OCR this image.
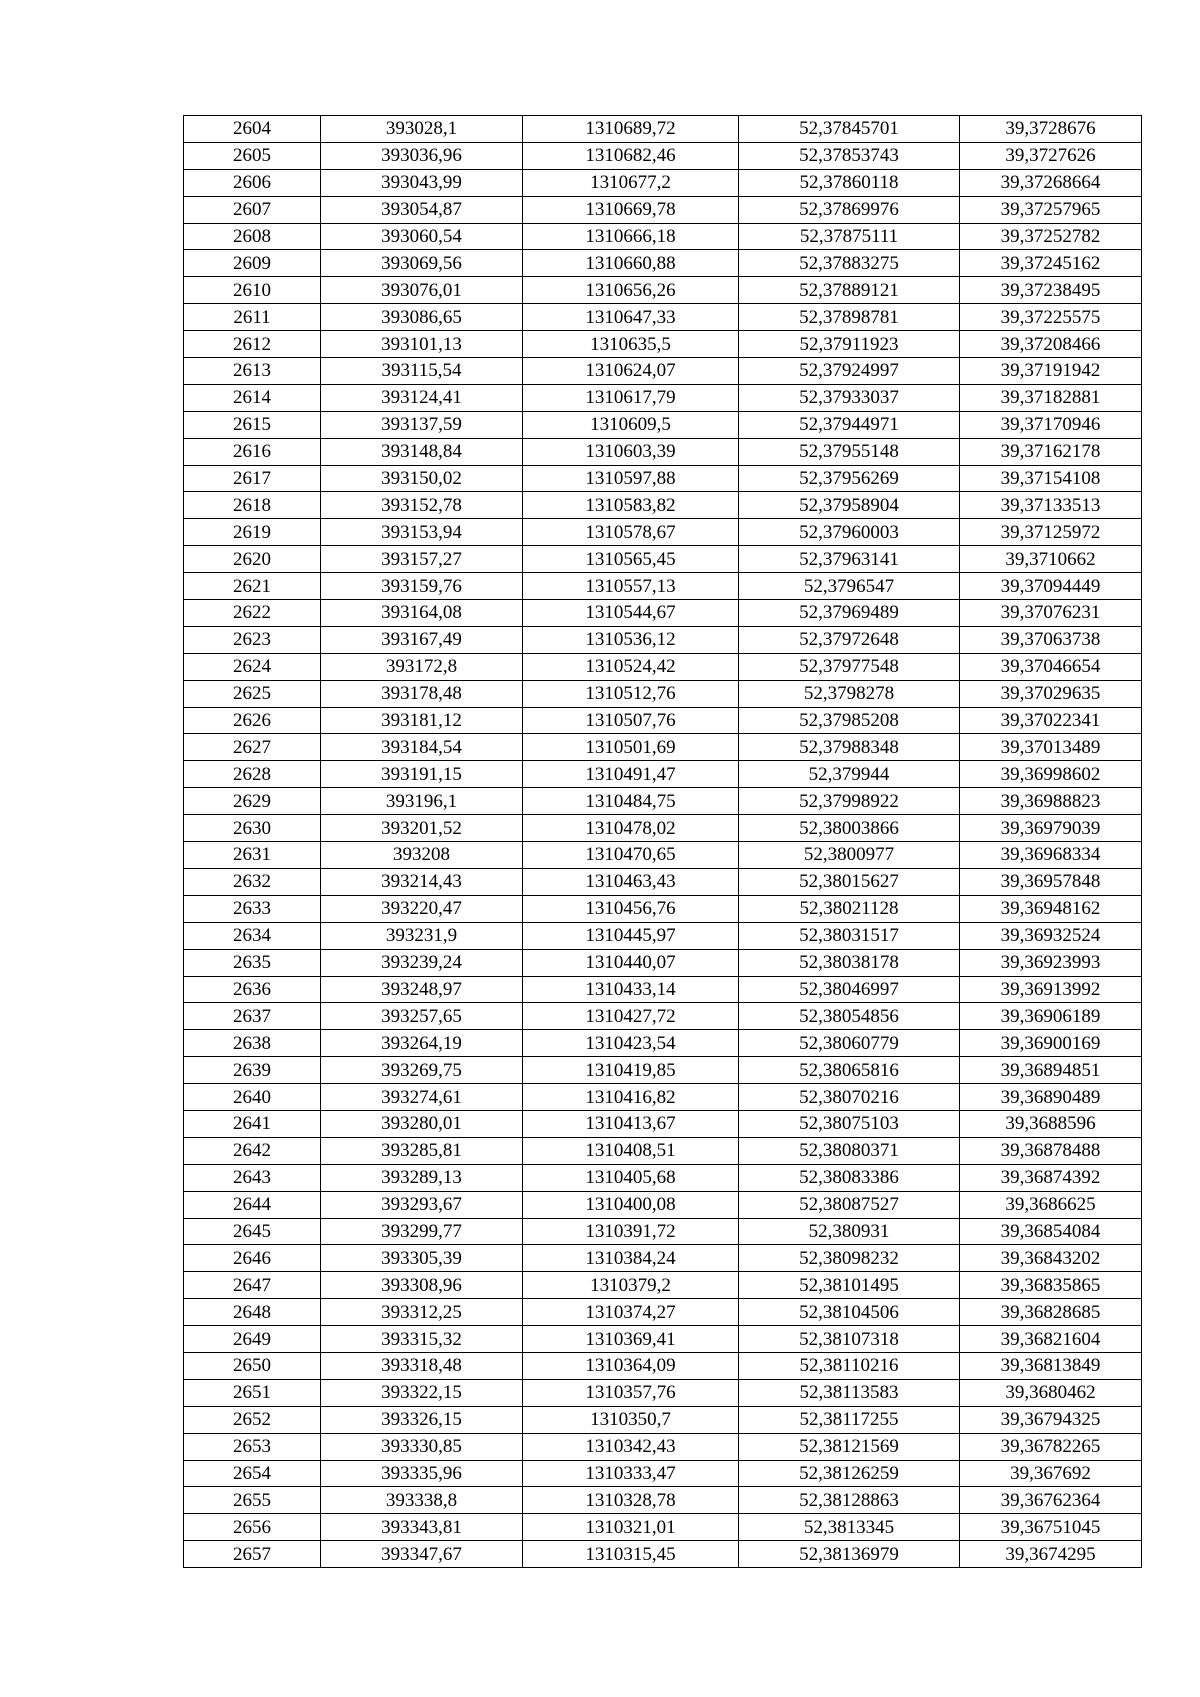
2604	393028,1	1310689,72	52,37845701	39,3728676
2605	393036,96	1310682,46	52,37853743	39,3727626
2606	393043,99	1310677,2	52,37860118	39,37268664
2607	393054,87	1310669,78	52,37869976	39,37257965
2608	393060,54	1310666,18	52,37875111	39,37252782
2609	393069,56	1310660,88	52,37883275	39,37245162
2610	393076,01	1310656,26	52,37889121	39,37238495
2611	393086,65	1310647,33	52,37898781	39,37225575
2612	393101,13	1310635,5	52,37911923	39,37208466
2613	393115,54	1310624,07	52,37924997	39,37191942
2614	393124,41	1310617,79	52,37933037	39,37182881
2615	393137,59	1310609,5	52,37944971	39,37170946
2616	393148,84	1310603,39	52,37955148	39,37162178
2617	393150,02	1310597,88	52,37956269	39,37154108
2618	393152,78	1310583,82	52,37958904	39,37133513
2619	393153,94	1310578,67	52,37960003	39,37125972
2620	393157,27	1310565,45	52,37963141	39,3710662
2621	393159,76	1310557,13	52,3796547	39,37094449
2622	393164,08	1310544,67	52,37969489	39,37076231
2623	393167,49	1310536,12	52,37972648	39,37063738
2624	393172,8	1310524,42	52,37977548	39,37046654
2625	393178,48	1310512,76	52,3798278	39,37029635
2626	393181,12	1310507,76	52,37985208	39,37022341
2627	393184,54	1310501,69	52,37988348	39,37013489
2628	393191,15	1310491,47	52,379944	39,36998602
2629	393196,1	1310484,75	52,37998922	39,36988823
2630	393201,52	1310478,02	52,38003866	39,36979039
2631	393208	1310470,65	52,3800977	39,36968334
2632	393214,43	1310463,43	52,38015627	39,36957848
2633	393220,47	1310456,76	52,38021128	39,36948162
2634	393231,9	1310445,97	52,38031517	39,36932524
2635	393239,24	1310440,07	52,38038178	39,36923993
2636	393248,97	1310433,14	52,38046997	39,36913992
2637	393257,65	1310427,72	52,38054856	39,36906189
2638	393264,19	1310423,54	52,38060779	39,36900169
2639	393269,75	1310419,85	52,38065816	39,36894851
2640	393274,61	1310416,82	52,38070216	39,36890489
2641	393280,01	1310413,67	52,38075103	39,3688596
2642	393285,81	1310408,51	52,38080371	39,36878488
2643	393289,13	1310405,68	52,38083386	39,36874392
2644	393293,67	1310400,08	52,38087527	39,3686625
2645	393299,77	1310391,72	52,380931	39,36854084
2646	393305,39	1310384,24	52,38098232	39,36843202
2647	393308,96	1310379,2	52,38101495	39,36835865
2648	393312,25	1310374,27	52,38104506	39,36828685
2649	393315,32	1310369,41	52,38107318	39,36821604
2650	393318,48	1310364,09	52,38110216	39,36813849
2651	393322,15	1310357,76	52,38113583	39,3680462
2652	393326,15	1310350,7	52,38117255	39,36794325
2653	393330,85	1310342,43	52,38121569	39,36782265
2654	393335,96	1310333,47	52,38126259	39,367692
2655	393338,8	1310328,78	52,38128863	39,36762364
2656	393343,81	1310321,01	52,3813345	39,36751045
2657	393347,67	1310315,45	52,38136979	39,3674295
